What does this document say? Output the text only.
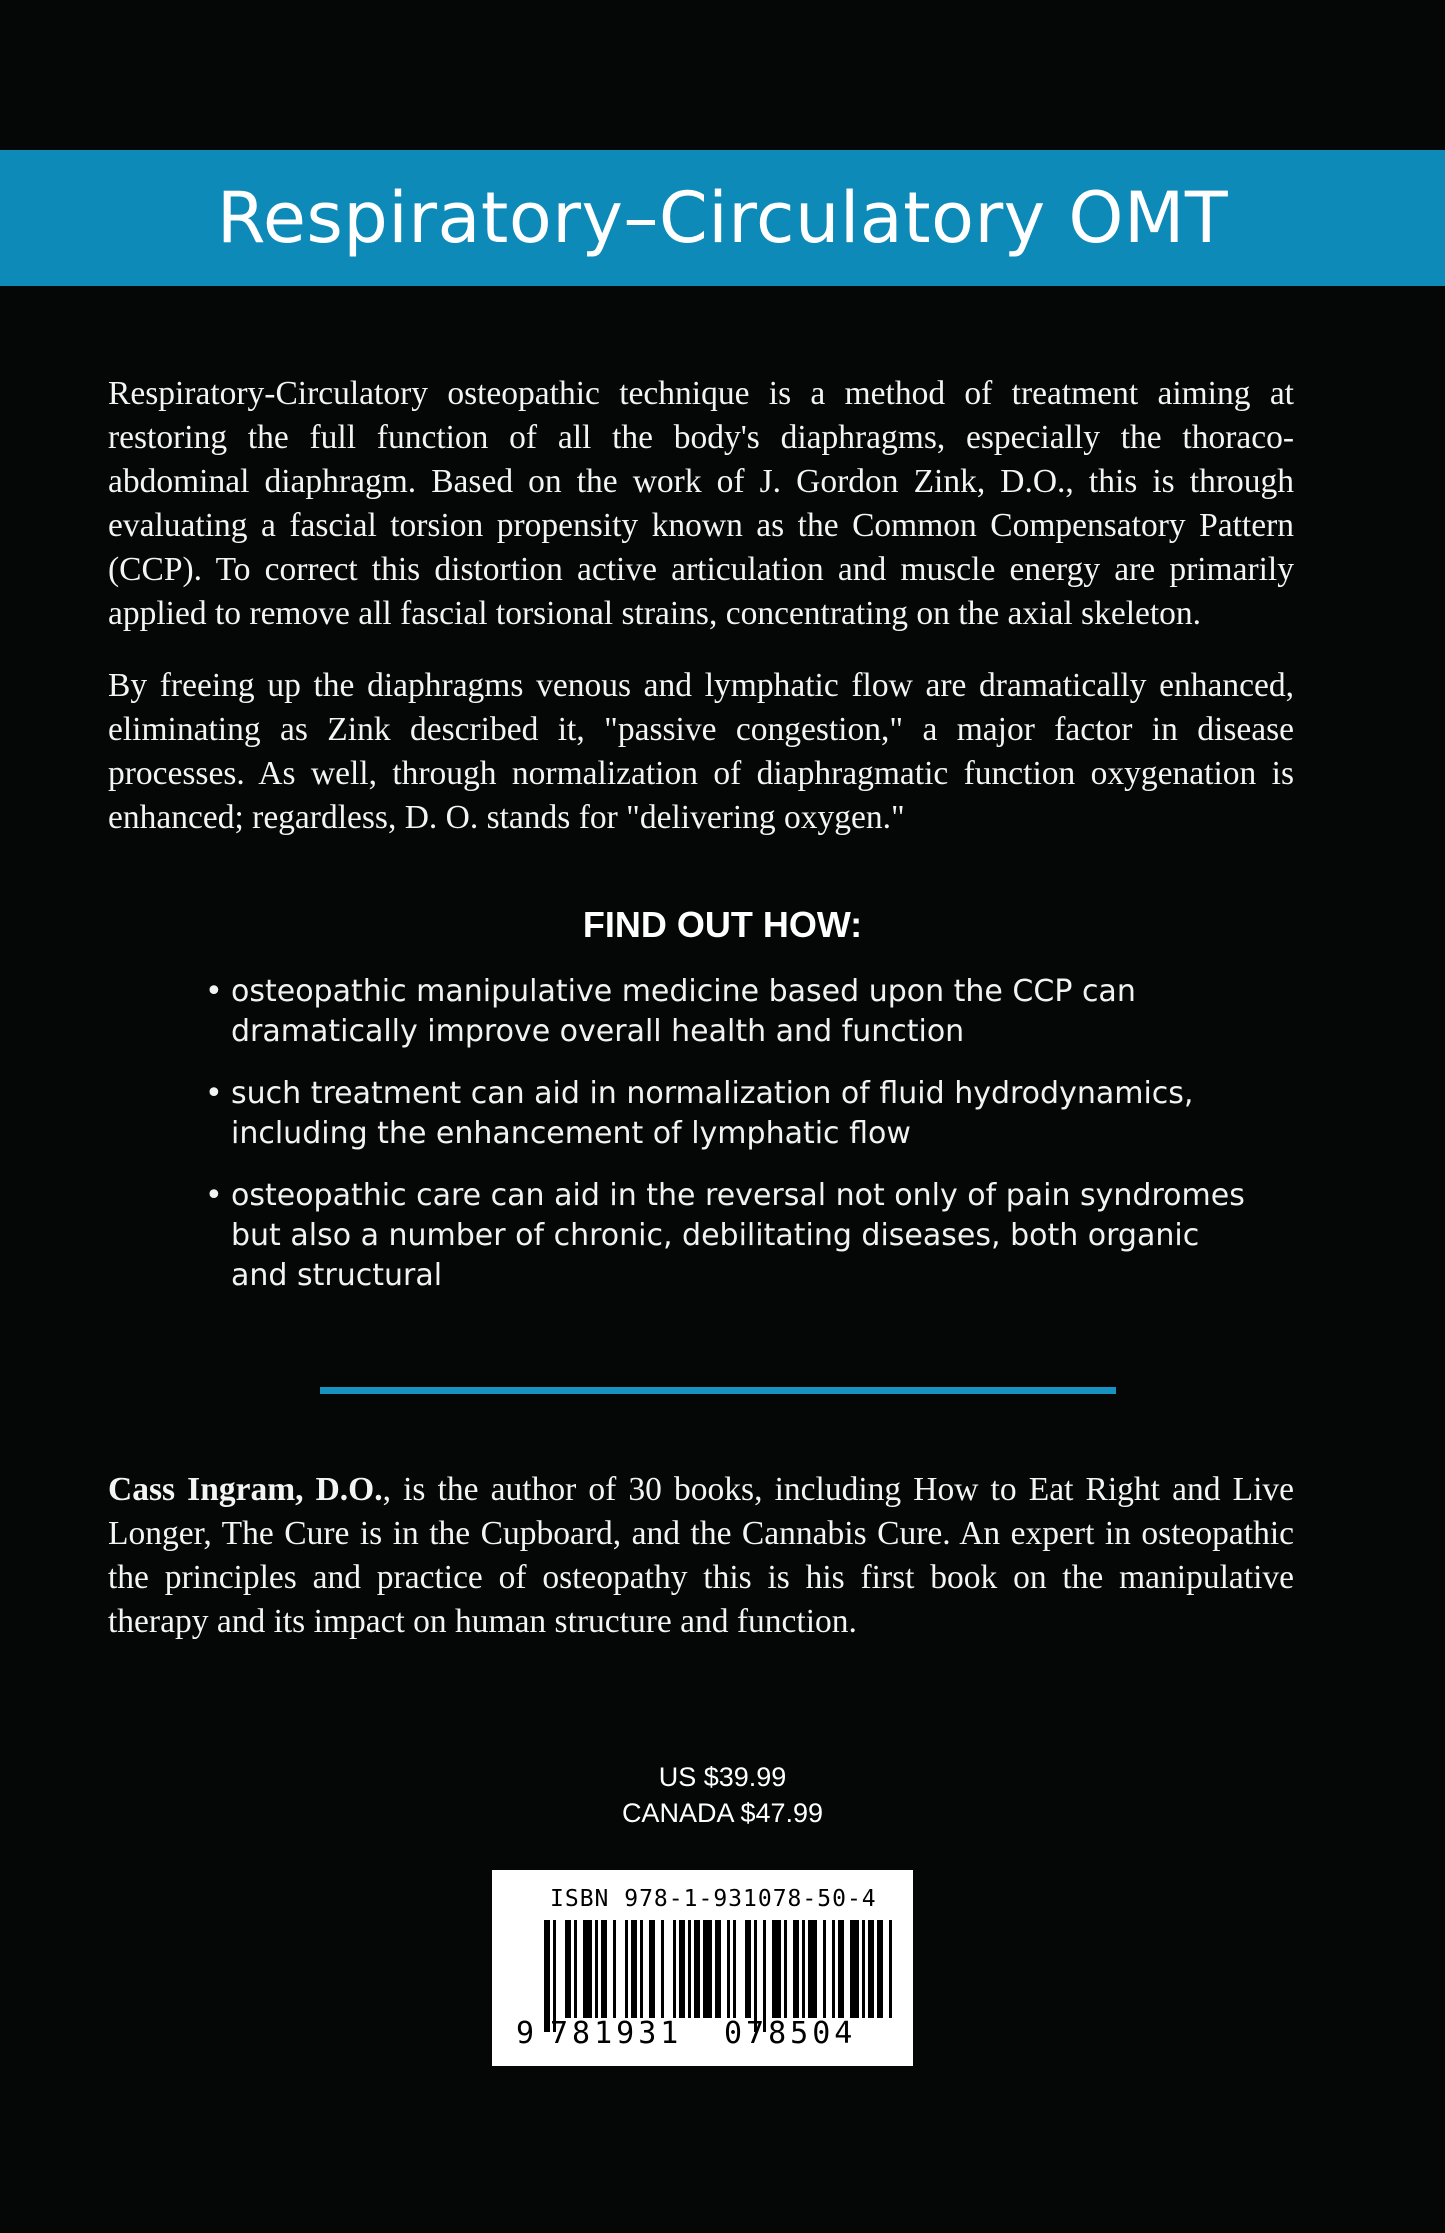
Respiratory–Circulatory OMT

Respiratory-Circulatory osteopathic technique is a method of treatment aiming at restoring the full function of all the body's diaphragms, especially the thoraco-abdominal diaphragm. Based on the work of J. Gordon Zink, D.O., this is through evaluating a fascial torsion propensity known as the Common Compensatory Pattern (CCP). To correct this distortion active articulation and muscle energy are primarily applied to remove all fascial torsional strains, concentrating on the axial skeleton.

By freeing up the diaphragms venous and lymphatic flow are dramatically enhanced, eliminating as Zink described it, "passive congestion," a major factor in disease processes. As well, through normalization of diaphragmatic function oxygenation is enhanced; regardless, D. O. stands for "delivering oxygen."

FIND OUT HOW:
• osteopathic manipulative medicine based upon the CCP can dramatically improve overall health and function
• such treatment can aid in normalization of fluid hydrodynamics, including the enhancement of lymphatic flow
• osteopathic care can aid in the reversal not only of pain syndromes but also a number of chronic, debilitating diseases, both organic and structural

Cass Ingram, D.O., is the author of 30 books, including How to Eat Right and Live Longer, The Cure is in the Cupboard, and the Cannabis Cure. An expert in osteopathic the principles and practice of osteopathy this is his first book on the manipulative therapy and its impact on human structure and function.

US $39.99
CANADA $47.99
ISBN 978-1-931078-50-4
9 781931 078504
